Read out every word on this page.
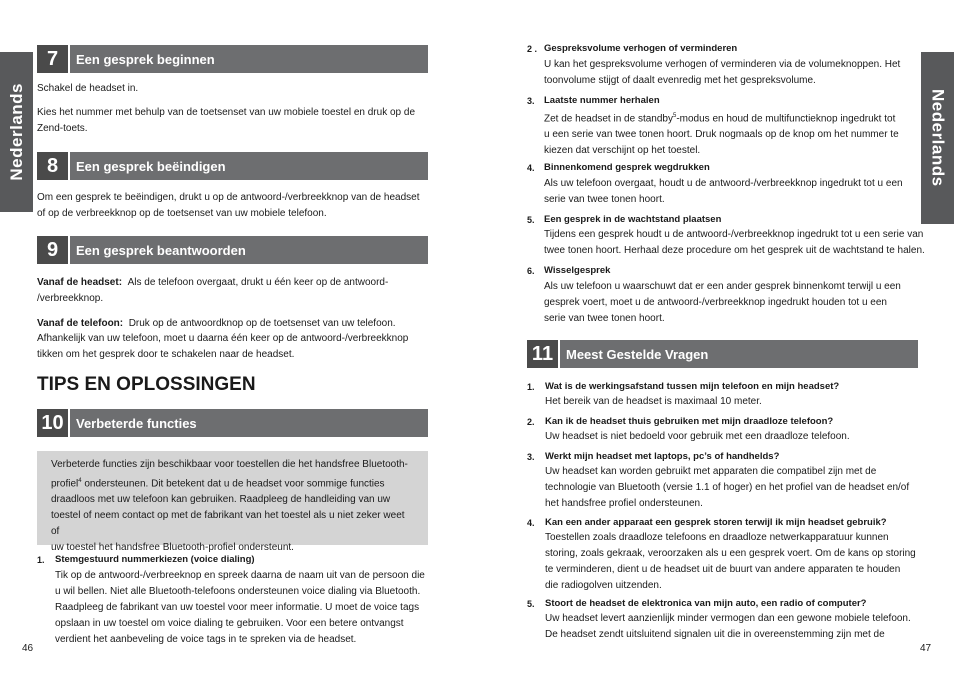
Nederlands	Nederlands
7	Een gesprek beginnen
Schakel de headset in.
Kies het nummer met behulp van de toetsenset van uw mobiele toestel en druk op de
Zend-toets.
8	Een gesprek beëindigen
Om een gesprek te beëindigen, drukt u op de antwoord-/verbreekknop van de headset
of op de verbreekknop op de toetsenset van uw mobiele telefoon.
9	Een gesprek beantwoorden
Vanaf de headset: Als de telefoon overgaat, drukt u één keer op de antwoord-
/verbreekknop.
Vanaf de telefoon: Druk op de antwoordknop op de toetsenset van uw telefoon.
Afhankelijk van uw telefoon, moet u daarna één keer op de antwoord-/verbreekknop
tikken om het gesprek door te schakelen naar de headset.
TIPS EN OPLOSSINGEN
10 Verbeterde functies
Verbeterde functies zijn beschikbaar voor toestellen die het handsfree Bluetooth-
profiel$^4$ ondersteunen. Dit betekent dat u de headset voor sommige functies
draadloos met uw telefoon kan gebruiken. Raadpleeg de handleiding van uw
toestel of neem contact op met de fabrikant van het toestel als u niet zeker weet of
uw toestel het handsfree Bluetooth-profiel ondersteunt.
1. Stemgestuurd nummerkiezen (voice dialing)
Tik op de antwoord-/verbreeknop en spreek daarna de naam uit van de persoon die
u wil bellen. Niet alle Bluetooth-telefoons ondersteunen voice dialing via Bluetooth.
Raadpleeg de fabrikant van uw toestel voor meer informatie. U moet de voice tags
opslaan in uw toestel om voice dialing te gebruiken. Voor een betere ontvangst
verdient het aanbeveling de voice tags in te spreken via de headset.
46
2 . Gespreksvolume verhogen of verminderen
U kan het gespreksvolume verhogen of verminderen via de volumeknoppen. Het
toonvolume stijgt of daalt evenredig met het gespreksvolume.
3. Laatste nummer herhalen
Zet de headset in de standby$^5$-modus en houd de multifunctieknop ingedrukt tot
u een serie van twee tonen hoort. Druk nogmaals op de knop om het nummer te
kiezen dat verschijnt op het toestel.
4. Binnenkomend gesprek wegdrukken
Als uw telefoon overgaat, houdt u de antwoord-/verbreekknop ingedrukt tot u een
serie van twee tonen hoort.
5. Een gesprek in de wachtstand plaatsen
Tijdens een gesprek houdt u de antwoord-/verbreekknop ingedrukt tot u een serie van
twee tonen hoort. Herhaal deze procedure om het gesprek uit de wachtstand te halen.
6. Wisselgesprek
Als uw telefoon u waarschuwt dat er een ander gesprek binnenkomt terwijl u een
gesprek voert, moet u de antwoord-/verbreekknop ingedrukt houden tot u een
serie van twee tonen hoort.
11 Meest Gestelde Vragen
1. Wat is de werkingsafstand tussen mijn telefoon en mijn headset?
Het bereik van de headset is maximaal 10 meter.
2. Kan ik de headset thuis gebruiken met mijn draadloze telefoon?
Uw headset is niet bedoeld voor gebruik met een draadloze telefoon.
3. Werkt mijn headset met laptops, pc’s of handhelds?
Uw headset kan worden gebruikt met apparaten die compatibel zijn met de
technologie van Bluetooth (versie 1.1 of hoger) en het profiel van de headset en/of
het handsfree profiel ondersteunen.
4. Kan een ander apparaat een gesprek storen terwijl ik mijn headset gebruik?
Toestellen zoals draadloze telefoons en draadloze netwerkapparatuur kunnen
storing, zoals gekraak, veroorzaken als u een gesprek voert. Om de kans op storing
te verminderen, dient u de headset uit de buurt van andere apparaten te houden
die radiogolven uitzenden.
5. Stoort de headset de elektronica van mijn auto, een radio of computer?
Uw headset levert aanzienlijk minder vermogen dan een gewone mobiele telefoon.
De headset zendt uitsluitend signalen uit die in overeenstemming zijn met de
47
